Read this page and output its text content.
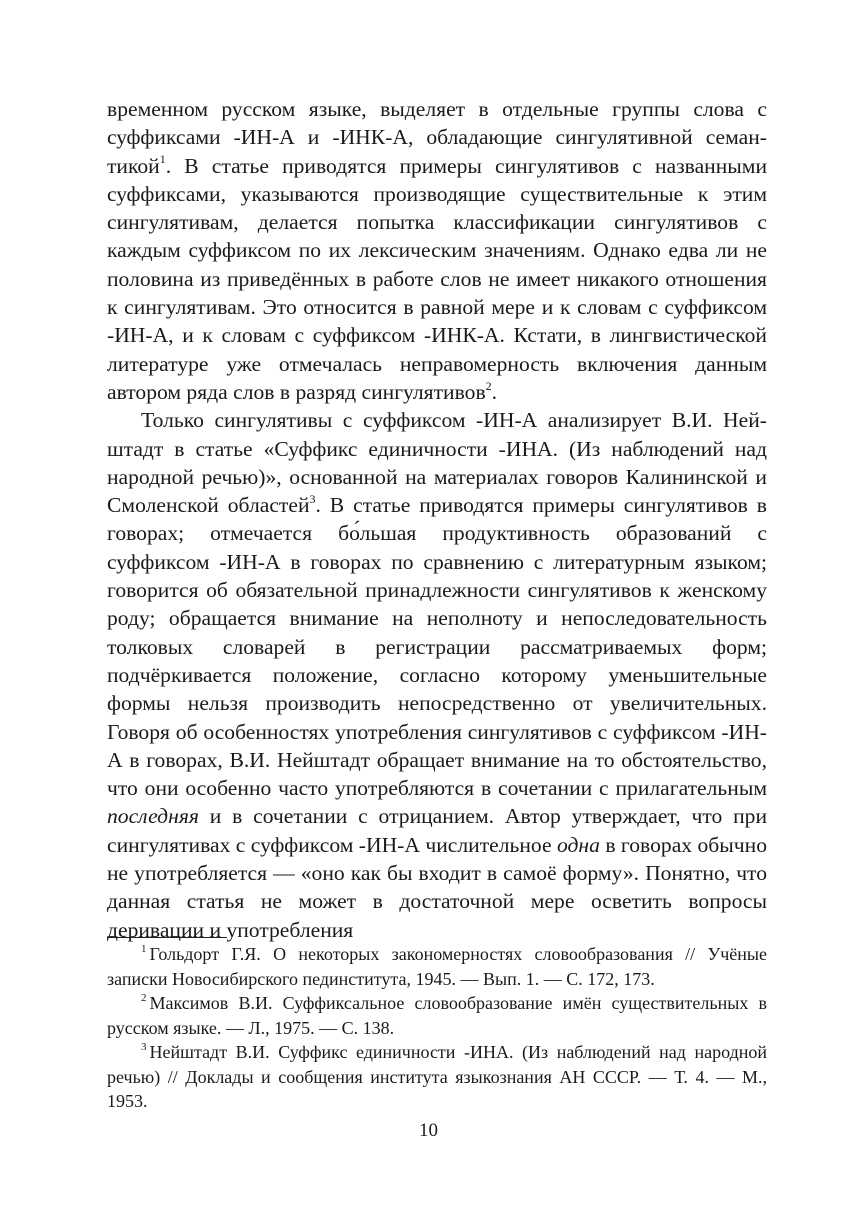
временном русском языке, выделяет в отдельные группы слова с суффиксами -ИН-А и -ИНК-А, обладающие сингулятивной семантикой$^1$. В статье приводятся примеры сингулятивов с названными суффиксами, указываются производящие существительные к этим сингулятивам, делается попытка классификации сингулятивов с каждым суффиксом по их лексическим значениям. Однако едва ли не половина из приведённых в работе слов не имеет никакого отношения к сингулятивам. Это относится в равной мере и к словам с суффиксом -ИН-А, и к словам с суффиксом -ИНК-А. Кстати, в лингвистической литературе уже отмечалась неправомерность включения данным автором ряда слов в разряд сингулятивов$^2$.

Только сингулятивы с суффиксом -ИН-А анализирует В.И. Нейштадт в статье «Суффикс единичности -ИНА. (Из наблюдений над народной речью)», основанной на материалах говоров Калининской и Смоленской областей$^3$. В статье приводятся примеры сингулятивов в говорах; отмечается бо́льшая продуктивность образований с суффиксом -ИН-А в говорах по сравнению с литературным языком; говорится об обязательной принадлежности сингулятивов к женскому роду; обращается внимание на неполноту и непоследовательность толковых словарей в регистрации рассматриваемых форм; подчёркивается положение, согласно которому уменьшительные формы нельзя производить непосредственно от увеличительных. Говоря об особенностях употребления сингулятивов с суффиксом -ИН-А в говорах, В.И. Нейштадт обращает внимание на то обстоятельство, что они особенно часто употребляются в сочетании с прилагательным последняя и в сочетании с отрицанием. Автор утверждает, что при сингулятивах с суффиксом -ИН-А числительное одна в говорах обычно не употребляется — «оно как бы входит в самоё форму». Понятно, что данная статья не может в достаточной мере осветить вопросы деривации и употребления

$^1$ Гольдорт Г.Я. О некоторых закономерностях словообразования // Учёные записки Новосибирского пединститута, 1945. — Вып. 1. — С. 172, 173.

$^2$ Максимов В.И. Суффиксальное словообразование имён существительных в русском языке. — Л., 1975. — С. 138.

$^3$ Нейштадт В.И. Суффикс единичности -ИНА. (Из наблюдений над народной речью) // Доклады и сообщения института языкознания АН СССР. — Т. 4. — М., 1953.

10
